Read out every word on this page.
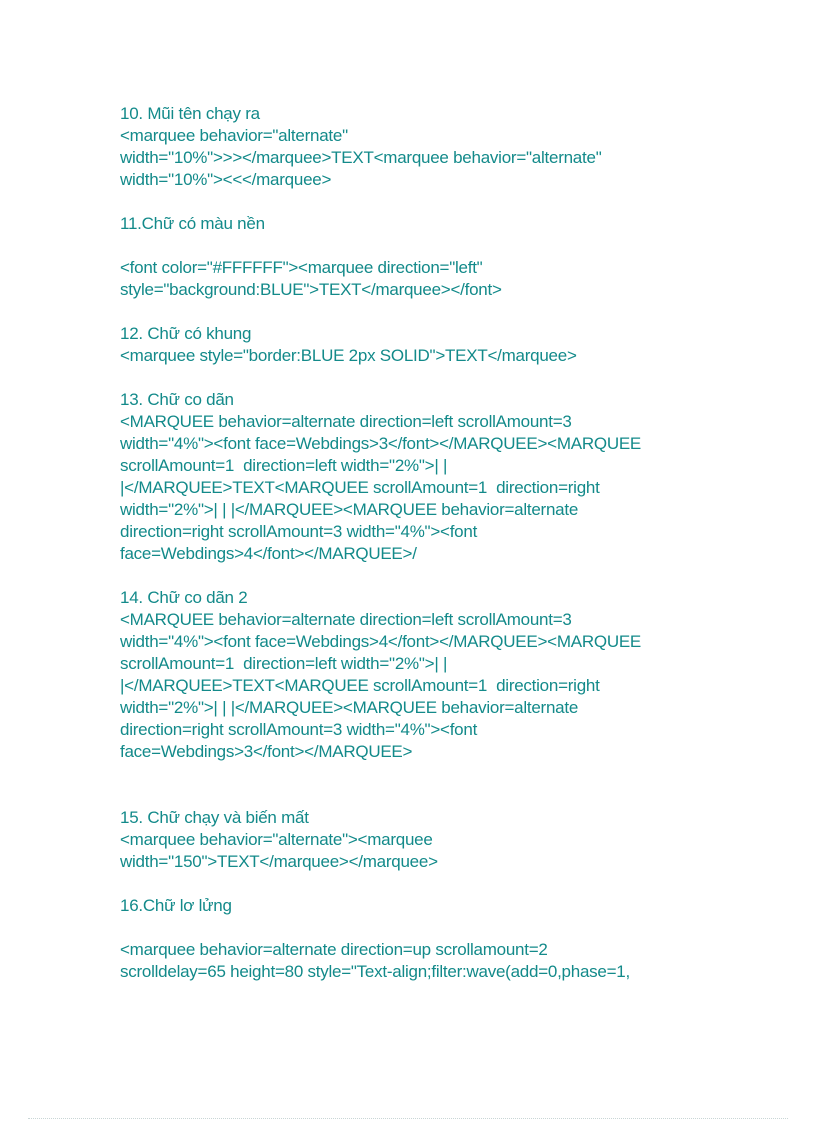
10. Mũi tên chạy ra
<marquee behavior="alternate"
width="10%">>></marquee>TEXT<marquee behavior="alternate"
width="10%"><<</marquee>
11.Chữ có màu nền
<font color="#FFFFFF"><marquee direction="left"
style="background:BLUE">TEXT</marquee></font>
12. Chữ có khung
<marquee style="border:BLUE 2px SOLID">TEXT</marquee>
13. Chữ co dãn
<MARQUEE behavior=alternate direction=left scrollAmount=3
width="4%"><font face=Webdings>3</font></MARQUEE><MARQUEE
scrollAmount=1  direction=left width="2%">| |
|</MARQUEE>TEXT<MARQUEE scrollAmount=1  direction=right
width="2%">| | |</MARQUEE><MARQUEE behavior=alternate
direction=right scrollAmount=3 width="4%"><font
face=Webdings>4</font></MARQUEE>/
14. Chữ co dãn 2
<MARQUEE behavior=alternate direction=left scrollAmount=3
width="4%"><font face=Webdings>4</font></MARQUEE><MARQUEE
scrollAmount=1  direction=left width="2%">| |
|</MARQUEE>TEXT<MARQUEE scrollAmount=1  direction=right
width="2%">| | |</MARQUEE><MARQUEE behavior=alternate
direction=right scrollAmount=3 width="4%"><font
face=Webdings>3</font></MARQUEE>
15. Chữ chạy và biến mất
<marquee behavior="alternate"><marquee
width="150">TEXT</marquee></marquee>
16.Chữ lơ lửng
<marquee behavior=alternate direction=up scrollamount=2
scrolldelay=65 height=80 style="Text-align;filter:wave(add=0,phase=1,
